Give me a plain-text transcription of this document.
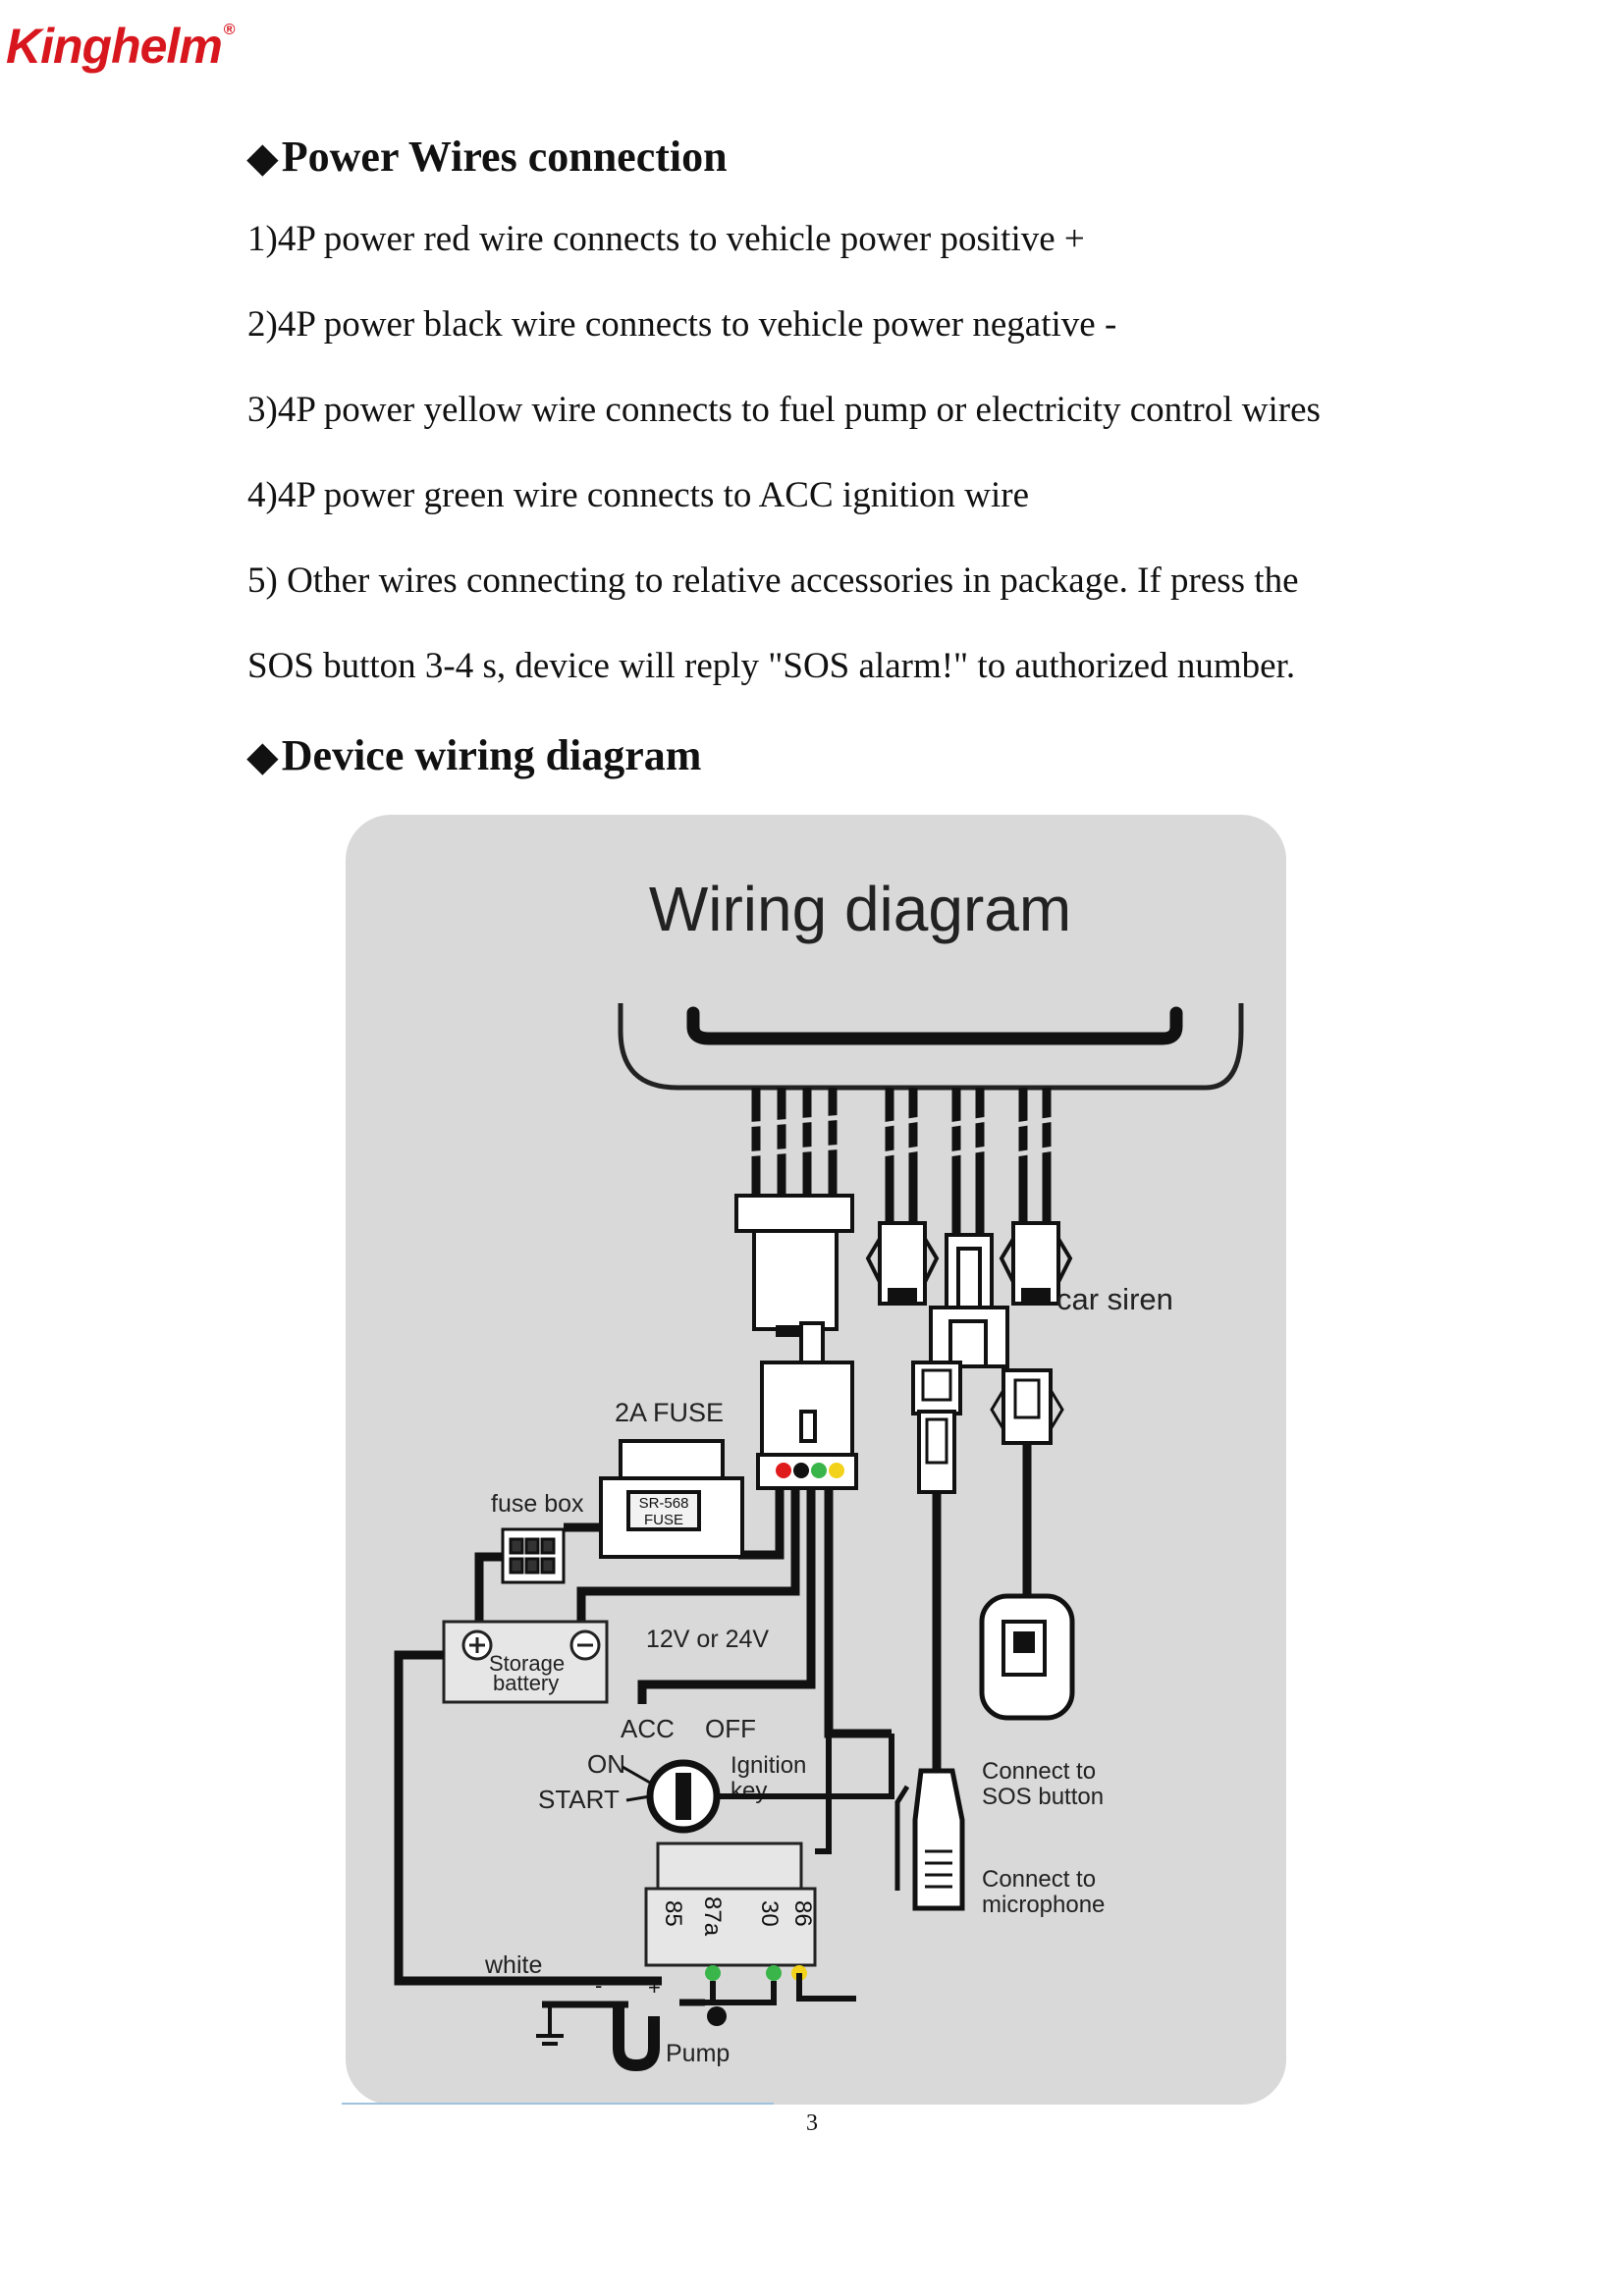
Kinghelm ®
◆Power Wires connection
1)4P power red wire connects to vehicle power positive +
2)4P power black wire connects to vehicle power negative -
3)4P power yellow wire connects to fuel pump or electricity control wires
4)4P power green wire connects to ACC ignition wire
5) Other wires connecting to relative accessories in package. If press the
SOS button 3-4 s, device will reply "SOS alarm!" to authorized number.
◆Device wiring diagram
Wiring diagram
car siren
2A FUSE
SR-568
FUSE
fuse box
Storage
battery
12V or 24V
white
ACC OFF
ON
START
Ignition
key
85 87a 30 86
- +
Pump
Connect to
SOS button
Connect to
microphone
3
